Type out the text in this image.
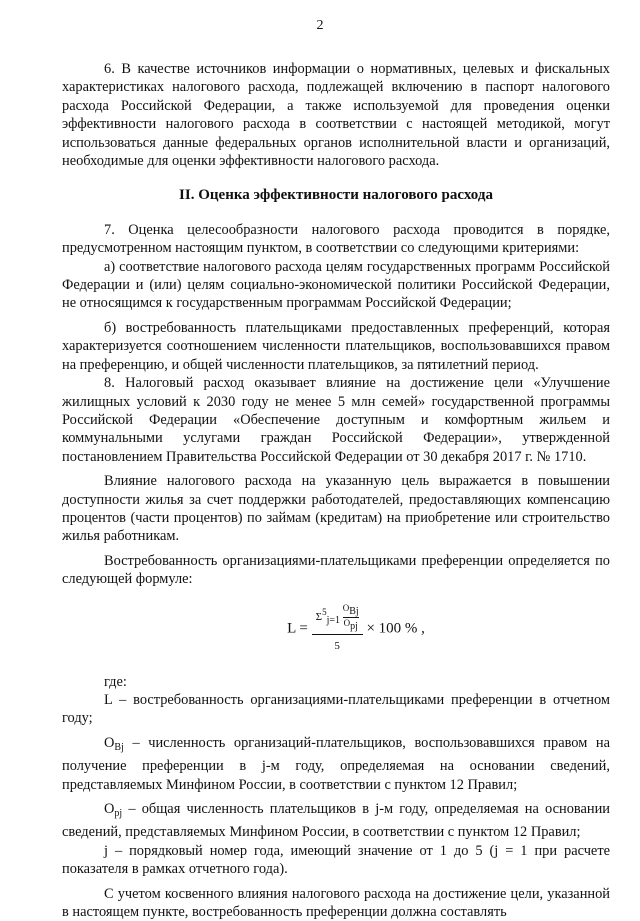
2

6. В качестве источников информации о нормативных, целевых и фискальных характеристиках налогового расхода, подлежащей включению в паспорт налогового расхода Российской Федерации, а также используемой для проведения оценки эффективности налогового расхода в соответствии с настоящей методикой, могут использоваться данные федеральных органов исполнительной власти и организаций, необходимые для оценки эффективности налогового расхода.

II. Оценка эффективности налогового расхода

7. Оценка целесообразности налогового расхода проводится в порядке, предусмотренном настоящим пунктом, в соответствии со следующими критериями:

а) соответствие налогового расхода целям государственных программ Российской Федерации и (или) целям социально-экономической политики Российской Федерации, не относящимся к государственным программам Российской Федерации;

б) востребованность плательщиками предоставленных преференций, которая характеризуется соотношением численности плательщиков, воспользовавшихся правом на преференцию, и общей численности плательщиков, за пятилетний период.

8. Налоговый расход оказывает влияние на достижение цели «Улучшение жилищных условий к 2030 году не менее 5 млн семей» государственной программы Российской Федерации «Обеспечение доступным и комфортным жильем и коммунальными услугами граждан Российской Федерации», утвержденной постановлением Правительства Российской Федерации от 30 декабря 2017 г. № 1710.

Влияние налогового расхода на указанную цель выражается в повышении доступности жилья за счет поддержки работодателей, предоставляющих компенсацию процентов (части процентов) по займам (кредитам) на приобретение или строительство жилья работникам.

Востребованность организациями-плательщиками преференции определяется по следующей формуле:

$L = \Sigma^5j=1$
OBj
Opj
5 × 100 % ,

где:

L – востребованность организациями-плательщиками преференции в отчетном году;

$O_{Bj}$ – численность организаций-плательщиков, воспользовавшихся правом на получение преференции в j-м году, определяемая на основании сведений, представляемых Минфином России, в соответствии с пунктом 12 Правил;

$O_{pj}$ – общая численность плательщиков в j-м году, определяемая на основании сведений, представляемых Минфином России, в соответствии с пунктом 12 Правил;

j – порядковый номер года, имеющий значение от 1 до 5 (j = 1 при расчете показателя в рамках отчетного года).

С учетом косвенного влияния налогового расхода на достижение цели, указанной в настоящем пункте, востребованность преференции должна составлять
